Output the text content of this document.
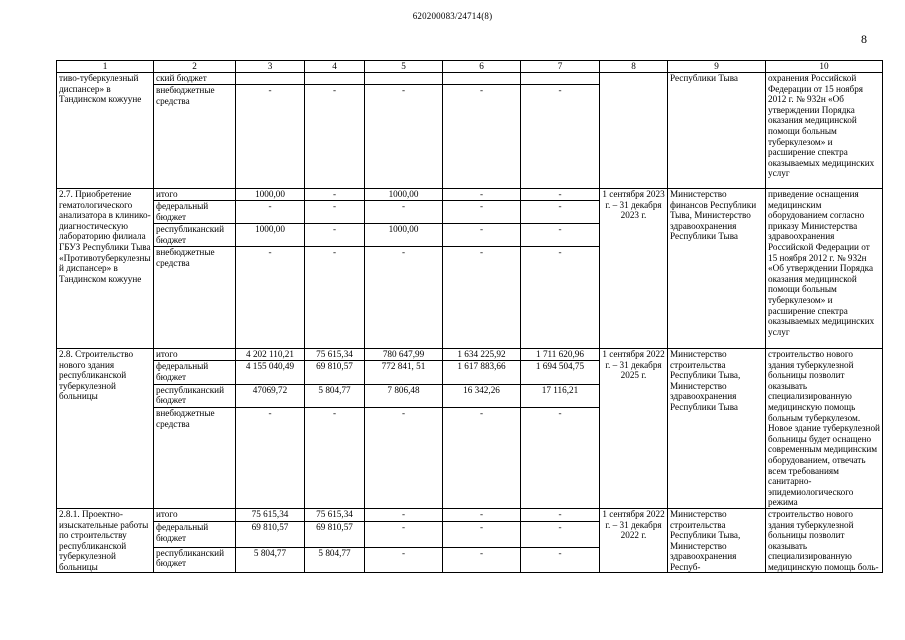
620200083/24714(8)
8
1	2	3	4	5	6	7	8	9	10
тиво-туберкулезный диспансер» в Тандинском кожууне	ский бюджет							Республики Тыва	охранения Российской Федерации от 15 ноября 2012 г. № 932н «Об утверждении Порядка оказания медицинской помощи больным туберкулезом» и расширение спектра оказываемых медицинских услуг
	внебюджетные средства	-	-	-	-	-			
2.7. Приобретение гематологического анализатора в клинико-диагностическую лабораторию филиала ГБУЗ Республики Тыва «Противотуберкулезный диспансер» в Тандинском кожууне	итого	1000,00	-	1000,00	-	-	1 сентября 2023 г. – 31 декабря 2023 г.	Министерство финансов Республики Тыва, Министерство здравоохранения Республики Тыва	приведение оснащения медицинским оборудованием согласно приказу Министерства здравоохранения Российской Федерации от 15 ноября 2012 г. № 932н «Об утверждении Порядка оказания медицинской помощи больным туберкулезом» и расширение спектра оказываемых медицинских услуг
	федеральный бюджет	-	-	-	-	-			
	республиканский бюджет	1000,00	-	1000,00	-	-			
	внебюджетные средства	-	-	-	-	-			
2.8. Строительство нового здания республиканской туберкулезной больницы	итого	4 202 110,21	75 615,34	780 647,99	1 634 225,92	1 711 620,96	1 сентября 2022 г. – 31 декабря 2025 г.	Министерство строительства Республики Тыва, Министерство здравоохранения Республики Тыва	строительство нового здания туберкулезной больницы позволит оказывать специализированную медицинскую помощь больным туберкулезом. Новое здание туберкулезной больницы будет оснащено современным медицинским оборудованием, отвечать всем требованиям санитарно-эпидемиологического режима
	федеральный бюджет	4 155 040,49	69 810,57	772 841, 51	1 617 883,66	1 694 504,75			
	республиканский бюджет	47069,72	5 804,77	7 806,48	16 342,26	17 116,21			
	внебюджетные средства	-	-	-	-	-			
2.8.1. Проектно-изыскательные работы по строительству республиканской туберкулезной больницы	итого	75 615,34	75 615,34	-	-	-	1 сентября 2022 г. – 31 декабря 2022 г.	Министерство строительства Республики Тыва, Министерство здравоохранения Респуб-	строительство нового здания туберкулезной больницы позволит оказывать специализированную медицинскую помощь боль-
	федеральный бюджет	69 810,57	69 810,57	-	-	-			
	республиканский бюджет	5 804,77	5 804,77	-	-	-			
